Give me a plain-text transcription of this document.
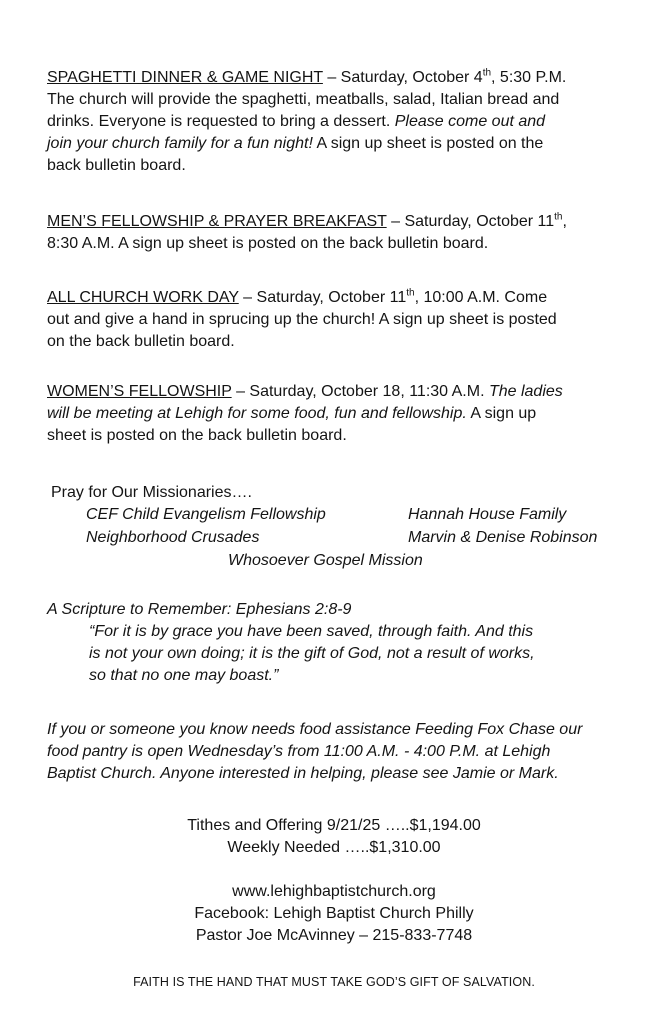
SPAGHETTI DINNER & GAME NIGHT – Saturday, October 4th, 5:30 P.M.
The church will provide the spaghetti, meatballs, salad, Italian bread and
drinks. Everyone is requested to bring a dessert. Please come out and
join your church family for a fun night! A sign up sheet is posted on the
back bulletin board.
MEN’S FELLOWSHIP & PRAYER BREAKFAST – Saturday, October 11th,
8:30 A.M. A sign up sheet is posted on the back bulletin board.
ALL CHURCH WORK DAY – Saturday, October 11th, 10:00 A.M. Come
out and give a hand in sprucing up the church! A sign up sheet is posted
on the back bulletin board.
WOMEN’S FELLOWSHIP – Saturday, October 18, 11:30 A.M. The ladies
will be meeting at Lehigh for some food, fun and fellowship. A sign up
sheet is posted on the back bulletin board.
Pray for Our Missionaries….
CEF Child Evangelism Fellowship	Hannah House Family
Neighborhood Crusades	Marvin & Denise Robinson
Whosoever Gospel Mission
A Scripture to Remember: Ephesians 2:8-9
“For it is by grace you have been saved, through faith. And this
is not your own doing; it is the gift of God, not a result of works,
so that no one may boast.”
If you or someone you know needs food assistance Feeding Fox Chase our
food pantry is open Wednesday’s from 11:00 A.M. - 4:00 P.M. at Lehigh
Baptist Church. Anyone interested in helping, please see Jamie or Mark.
Tithes and Offering 9/21/25 …..$1,194.00
Weekly Needed …..$1,310.00
www.lehighbaptistchurch.org
Facebook: Lehigh Baptist Church Philly
Pastor Joe McAvinney – 215-833-7748
FAITH IS THE HAND THAT MUST TAKE GOD’S GIFT OF SALVATION.
